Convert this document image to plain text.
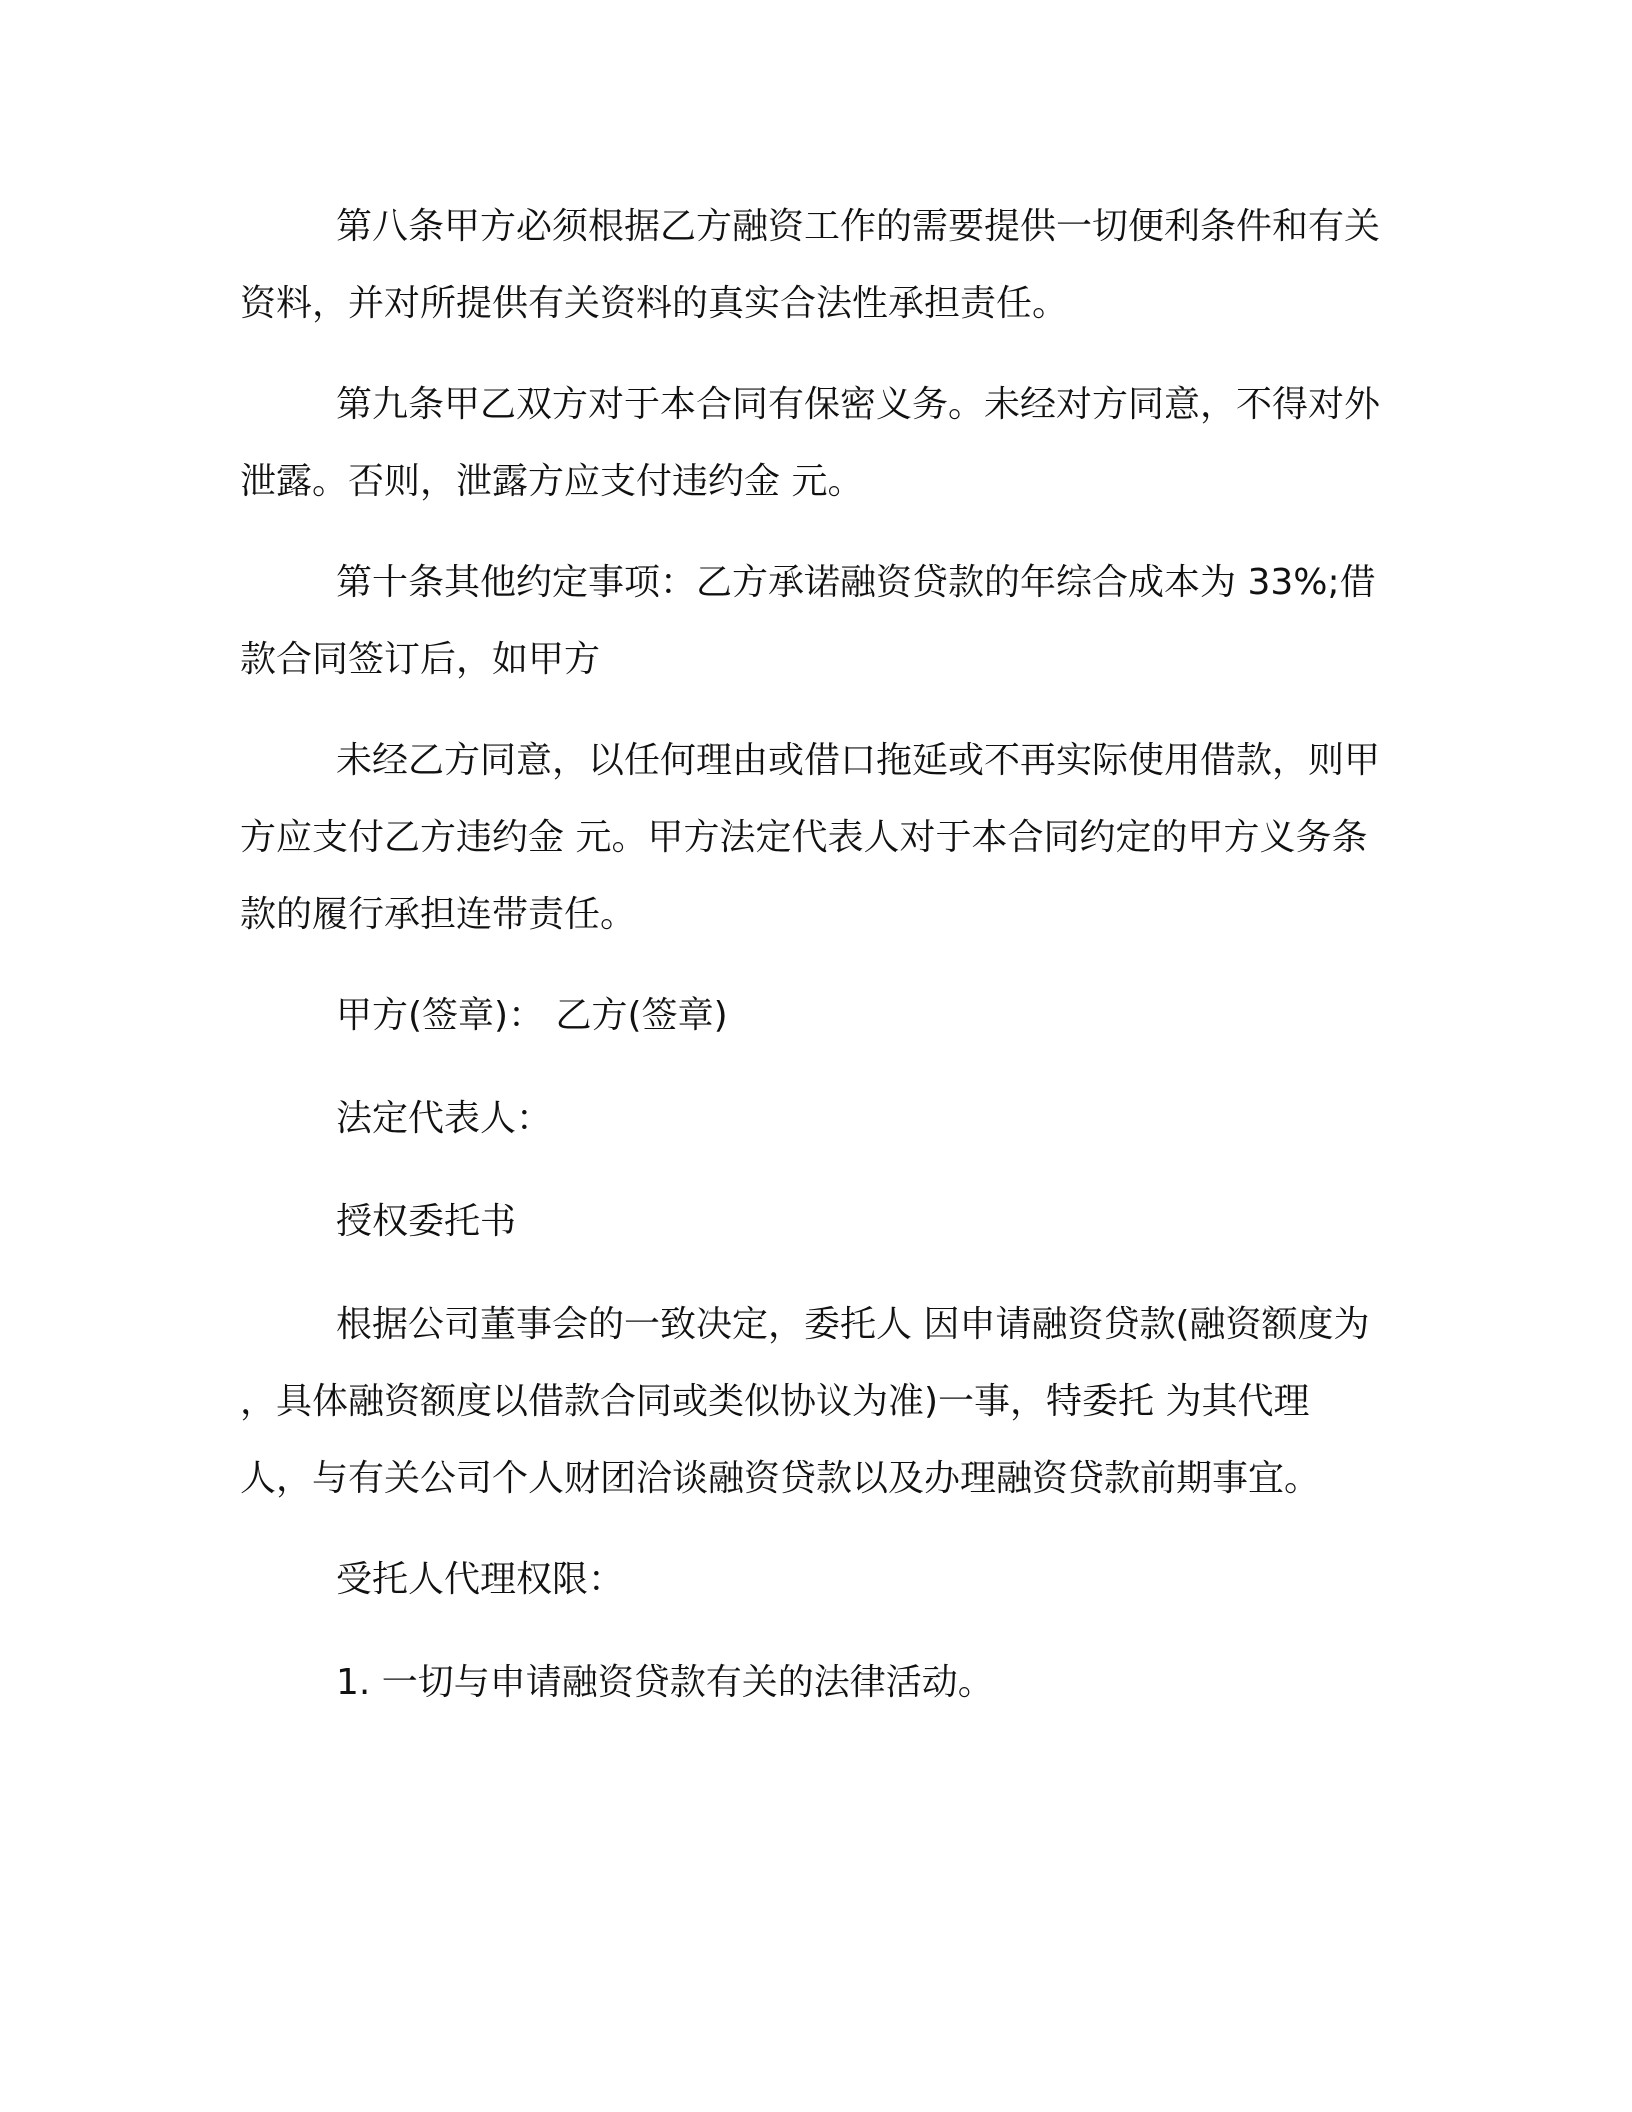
第八条甲方必须根据乙方融资工作的需要提供一切便利条件和有关资料，并对所提供有关资料的真实合法性承担责任。

第九条甲乙双方对于本合同有保密义务。未经对方同意，不得对外泄露。否则，泄露方应支付违约金 元。

第十条其他约定事项：乙方承诺融资贷款的年综合成本为 33%;借款合同签订后，如甲方

未经乙方同意，以任何理由或借口拖延或不再实际使用借款，则甲方应支付乙方违约金 元。甲方法定代表人对于本合同约定的甲方义务条款的履行承担连带责任。

甲方(签章)： 乙方(签章)

法定代表人：

授权委托书

根据公司董事会的一致决定，委托人 因申请融资贷款(融资额度为 ，具体融资额度以借款合同或类似协议为准)一事，特委托 为其代理人，与有关公司个人财团洽谈融资贷款以及办理融资贷款前期事宜。

受托人代理权限：

1. 一切与申请融资贷款有关的法律活动。
